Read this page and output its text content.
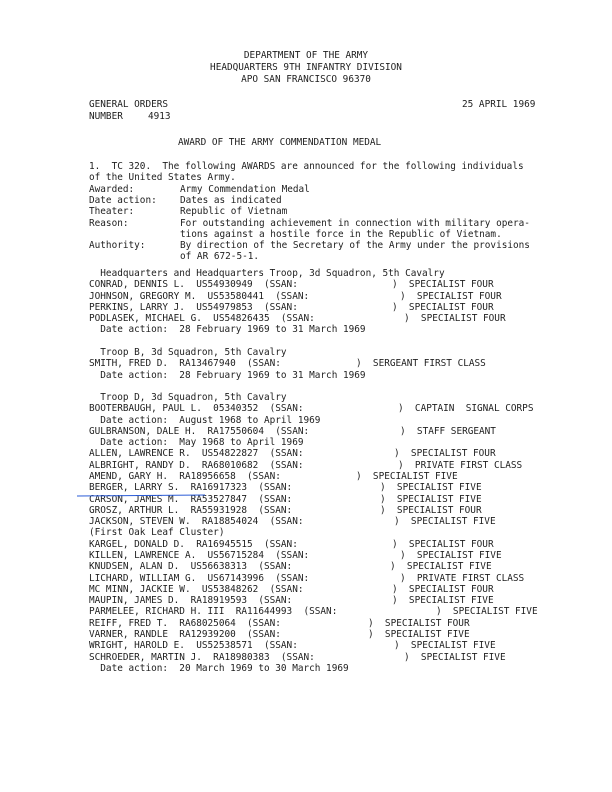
DEPARTMENT OF THE ARMY
HEADQUARTERS 9TH INFANTRY DIVISION
APO SAN FRANCISCO 96370
GENERAL ORDERS
NUMBER	4913
25 APRIL 1969
AWARD OF THE ARMY COMMENDATION MEDAL
1.  TC 320.  The following AWARDS are announced for the following individuals
of the United States Army.
Awarded:	Army Commendation Medal
Date action: Dates as indicated
Theater:	Republic of Vietnam
Reason:	For outstanding achievement in connection with military opera-
tions against a hostile force in the Republic of Vietnam.
Authority:	By direction of the Secretary of the Army under the provisions
of AR 672-5-1.
Headquarters and Headquarters Troop, 3d Squadron, 5th Cavalry
CONRAD, DENNIS L.  US54930949  (SSAN:	)  SPECIALIST FOUR
JOHNSON, GREGORY M.  US53580441  (SSAN:	)  SPECIALIST FOUR
PERKINS, LARRY J.  US54979853  (SSAN:	)  SPECIALIST FOUR
PODLASEK, MICHAEL G.  US54826435  (SSAN:	)  SPECIALIST FOUR
Date action:  28 February 1969 to 31 March 1969
Troop B, 3d Squadron, 5th Cavalry
SMITH, FRED D.  RA13467940  (SSAN:	)  SERGEANT FIRST CLASS
Date action:  28 February 1969 to 31 March 1969
Troop D, 3d Squadron, 5th Cavalry
BOOTERBAUGH, PAUL L.  05340352  (SSAN:	)  CAPTAIN  SIGNAL CORPS
Date action:  August 1968 to April 1969
GULBRANSON, DALE H.  RA17550604  (SSAN:	)  STAFF SERGEANT
Date action:  May 1968 to April 1969
ALLEN, LAWRENCE R.  US54822827  (SSAN:	)  SPECIALIST FOUR
ALBRIGHT, RANDY D.  RA68010682  (SSAN:	)  PRIVATE FIRST CLASS
AMEND, GARY H.  RA18956658  (SSAN:	)  SPECIALIST FIVE
BERGER, LARRY S.  RA16917323  (SSAN:	)  SPECIALIST FIVE
CARSON, JAMES M.  RA53527847  (SSAN:	)  SPECIALIST FIVE
GROSZ, ARTHUR L.  RA55931928  (SSAN:	)  SPECIALIST FOUR
JACKSON, STEVEN W.  RA18854024  (SSAN:	)  SPECIALIST FIVE
(First Oak Leaf Cluster)
KARGEL, DONALD D.  RA16945515  (SSAN:	)  SPECIALIST FOUR
KILLEN, LAWRENCE A.  US56715284  (SSAN:	)  SPECIALIST FIVE
KNUDSEN, ALAN D.  US56638313  (SSAN:	)  SPECIALIST FIVE
LICHARD, WILLIAM G.  US67143996  (SSAN:	)  PRIVATE FIRST CLASS
MC MINN, JACKIE W.  US53848262  (SSAN:	)  SPECIALIST FOUR
MAUPIN, JAMES D.  RA18919593  (SSAN:	)  SPECIALIST FIVE
PARMELEE, RICHARD H. III  RA11644993  (SSAN:	)  SPECIALIST FIVE
REIFF, FRED T.  RA68025064  (SSAN:	)  SPECIALIST FOUR
VARNER, RANDLE  RA12939200  (SSAN:	)  SPECIALIST FIVE
WRIGHT, HAROLD E.  US52538571  (SSAN:	)  SPECIALIST FIVE
SCHROEDER, MARTIN J.  RA18980383  (SSAN:	)  SPECIALIST FIVE
Date action:  20 March 1969 to 30 March 1969
